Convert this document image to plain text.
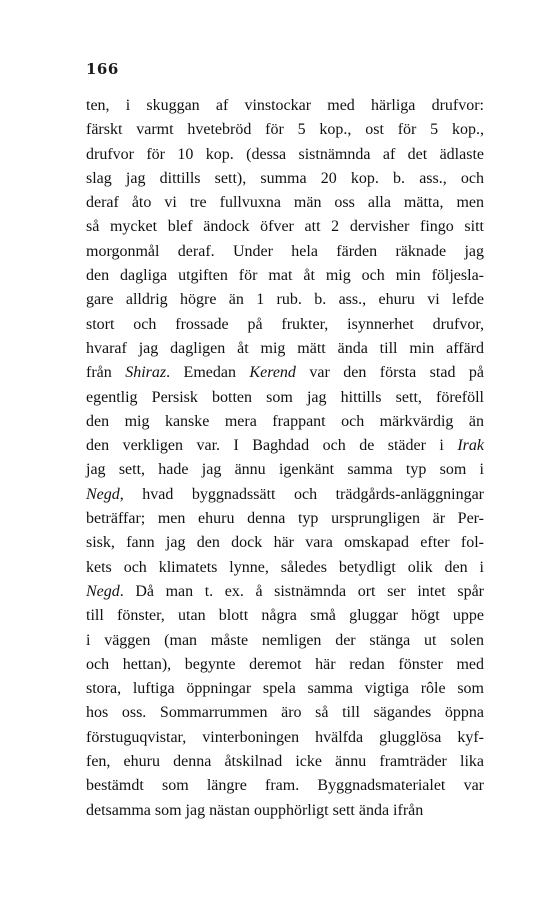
166
ten, i skuggan af vinstockar med härliga drufvor:
färskt varmt hvetebröd för 5 kop., ost för 5 kop.,
drufvor för 10 kop. (dessa sistnämnda af det ädlaste
slag jag dittills sett), summa 20 kop. b. ass., och
deraf åto vi tre fullvuxna män oss alla mätta, men
så mycket blef ändock öfver att 2 dervisher fingo sitt
morgonmål deraf. Under hela färden räknade jag
den dagliga utgiften för mat åt mig och min följesla-
gare alldrig högre än 1 rub. b. ass., ehuru vi lefde
stort och frossade på frukter, isynnerhet drufvor,
hvaraf jag dagligen åt mig mätt ända till min affärd
från Shiraz. Emedan Kerend var den första stad på
egentlig Persisk botten som jag hittills sett, föreföll
den mig kanske mera frappant och märkvärdig än
den verkligen var. I Baghdad och de städer i Irak
jag sett, hade jag ännu igenkänt samma typ som i
Negd, hvad byggnadssätt och trädgårds-anläggningar
beträffar; men ehuru denna typ ursprungligen är Per-
sisk, fann jag den dock här vara omskapad efter fol-
kets och klimatets lynne, således betydligt olik den i
Negd. Då man t. ex. å sistnämnda ort ser intet spår
till fönster, utan blott några små gluggar högt uppe
i väggen (man måste nemligen der stänga ut solen
och hettan), begynte deremot här redan fönster med
stora, luftiga öppningar spela samma vigtiga rôle som
hos oss. Sommarrummen äro så till sägandes öppna
förstuguqvistar, vinterboningen hvälfda glugglösa kyf-
fen, ehuru denna åtskilnad icke ännu framträder lika
bestämdt som längre fram. Byggnadsmaterialet var
detsamma som jag nästan oupphörligt sett ända ifrån
